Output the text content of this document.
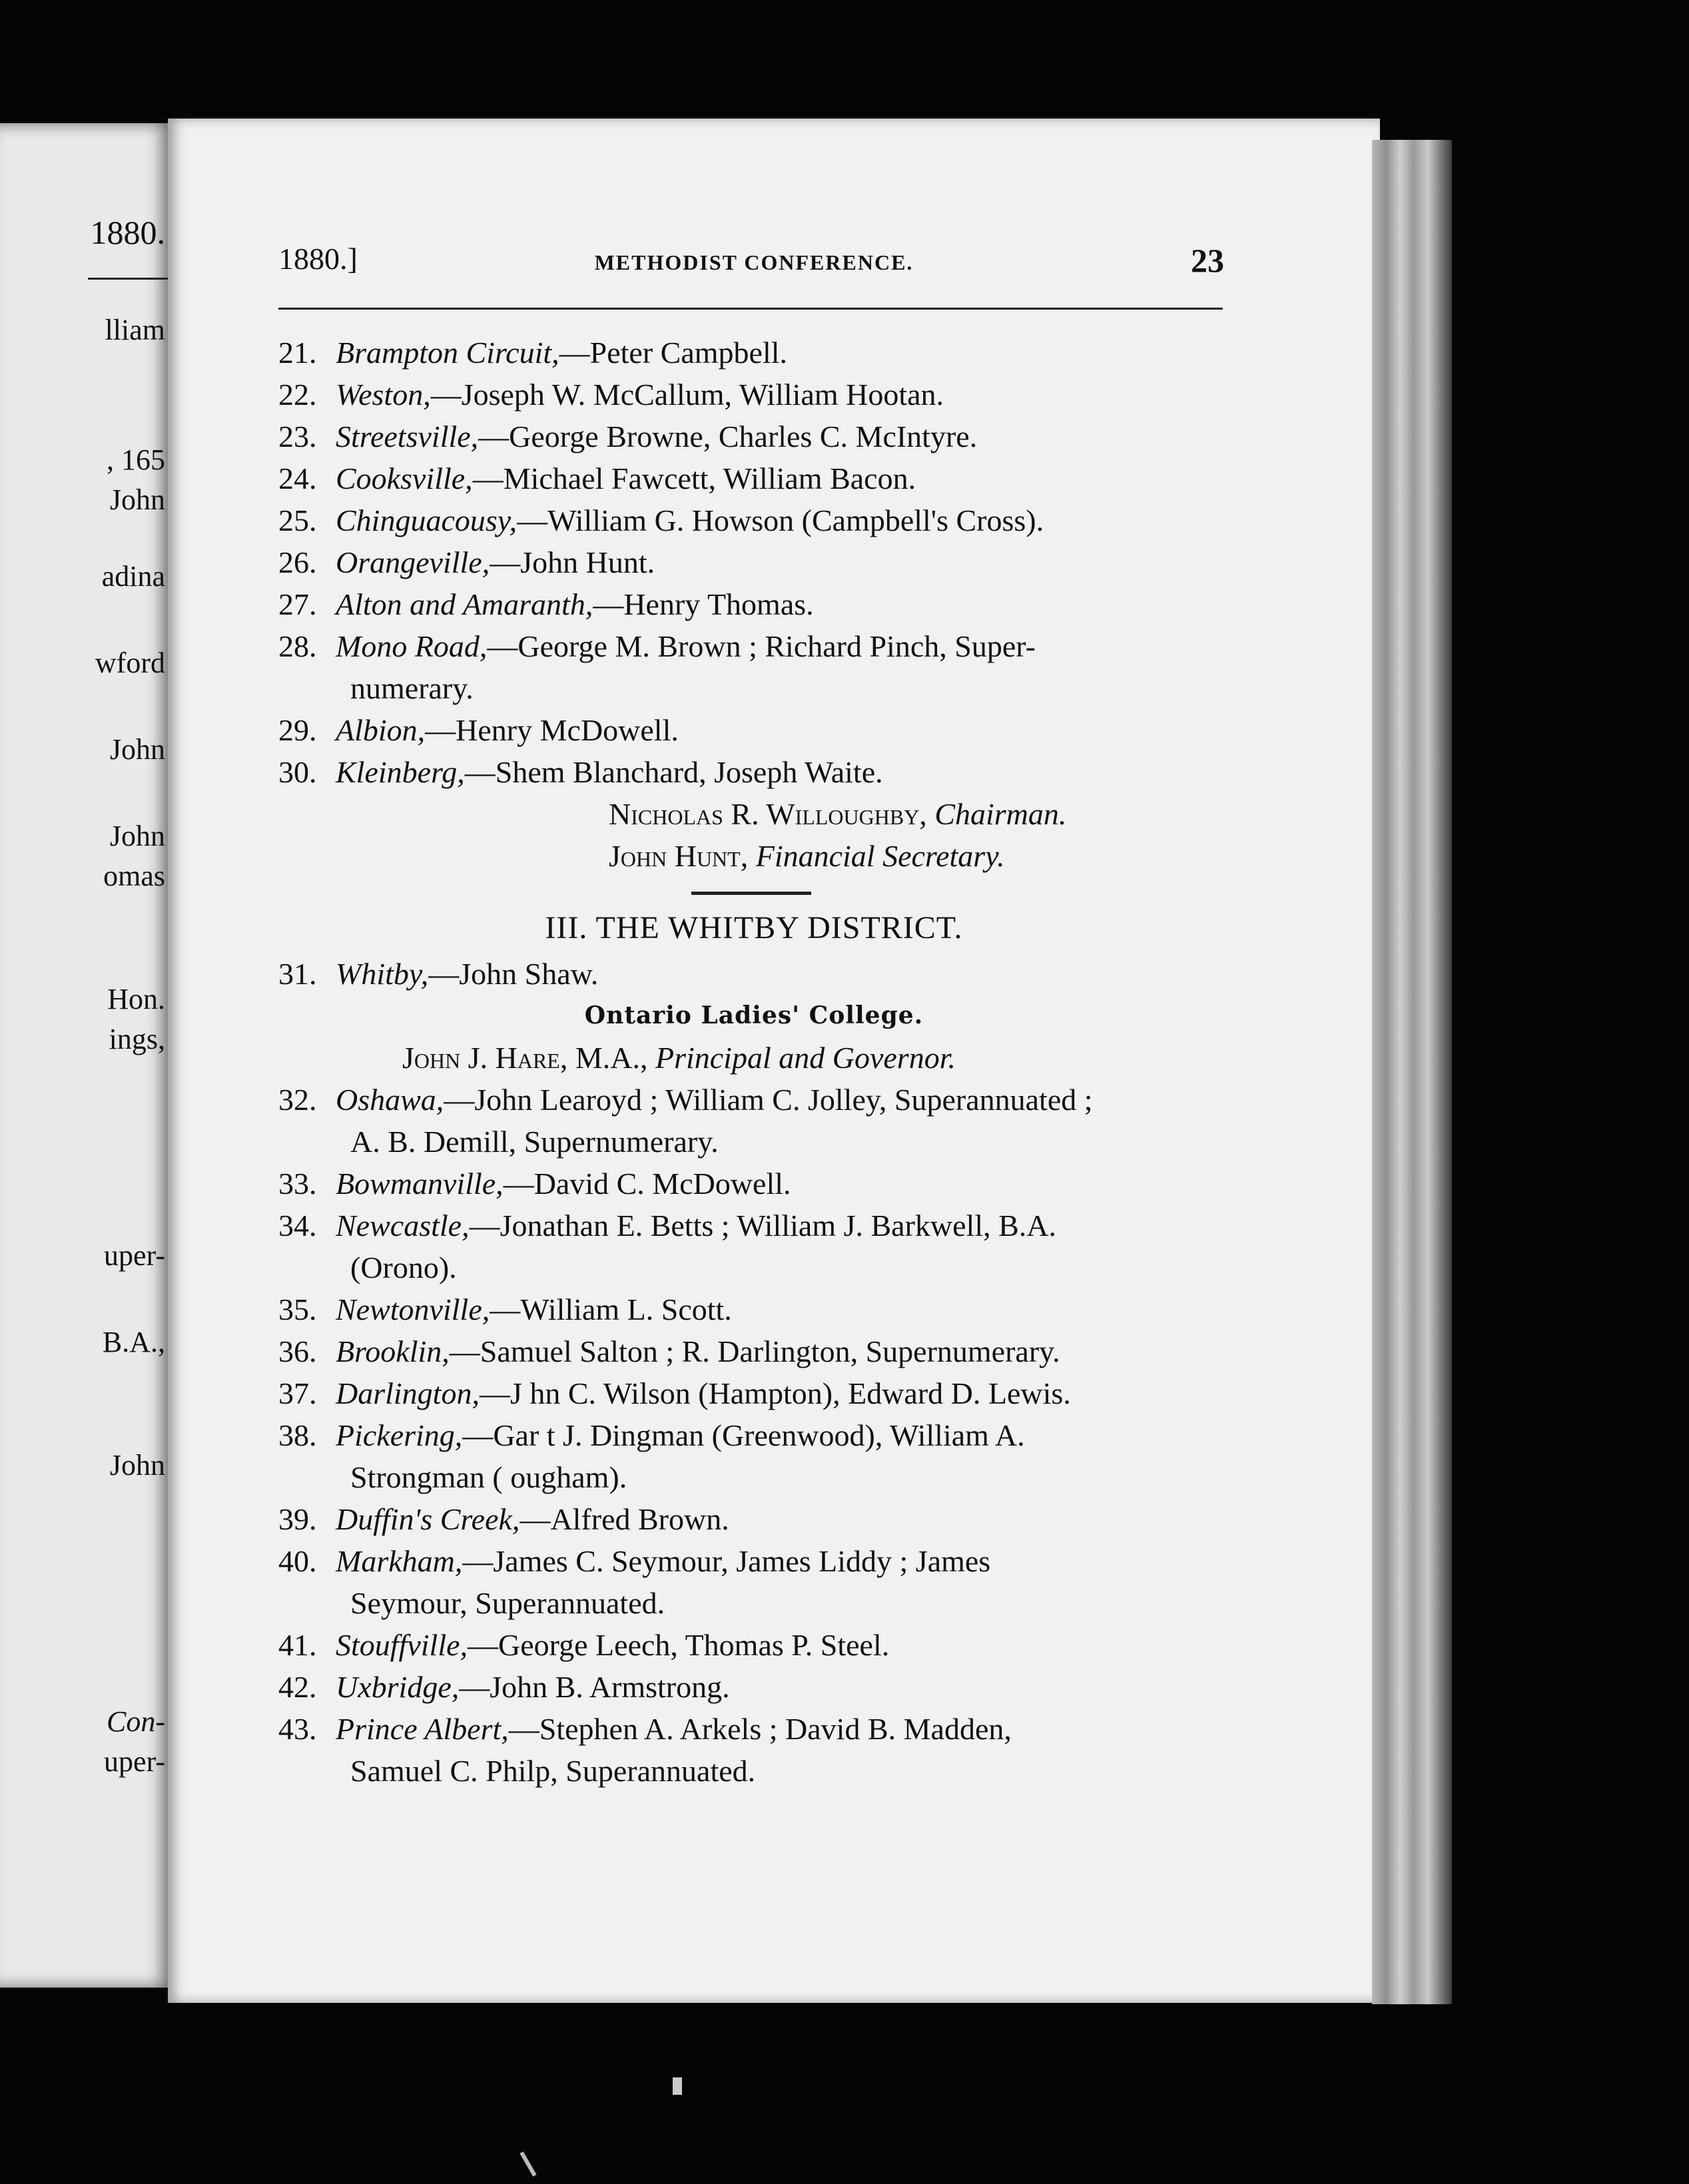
1880.
lliam
, 165
John
adina
wford
John
John
omas
Hon.
ings,
uper-
B.A.,
John
Con-
uper-
1880.]	METHODIST CONFERENCE.	23
21. Brampton Circuit,—Peter Campbell.
22. Weston,—Joseph W. McCallum, William Hootan.
23. Streetsville,—George Browne, Charles C. McIntyre.
24. Cooksville,—Michael Fawcett, William Bacon.
25. Chinguacousy,—William G. Howson (Campbell's Cross).
26. Orangeville,—John Hunt.
27. Alton and Amaranth,—Henry Thomas.
28. Mono Road,—George M. Brown ; Richard Pinch, Super-
numerary.
29. Albion,—Henry McDowell.
30. Kleinberg,—Shem Blanchard, Joseph Waite.
Nicholas R. Willoughby, Chairman.
John Hunt, Financial Secretary.
III. THE WHITBY DISTRICT.
31. Whitby,—John Shaw.
Ontario Ladies' College.
John J. Hare, M.A., Principal and Governor.
32. Oshawa,—John Learoyd ; William C. Jolley, Superannuated ;
A. B. Demill, Supernumerary.
33. Bowmanville,—David C. McDowell.
34. Newcastle,—Jonathan E. Betts ; William J. Barkwell, B.A.
(Orono).
35. Newtonville,—William L. Scott.
36. Brooklin,—Samuel Salton ; R. Darlington, Supernumerary.
37. Darlington,—J hn C. Wilson (Hampton), Edward D. Lewis.
38. Pickering,—Gar t J. Dingman (Greenwood), William A.
Strongman ( ougham).
39. Duffin's Creek,—Alfred Brown.
40. Markham,—James C. Seymour, James Liddy ; James
Seymour, Superannuated.
41. Stouffville,—George Leech, Thomas P. Steel.
42. Uxbridge,—John B. Armstrong.
43. Prince Albert,—Stephen A. Arkels ; David B. Madden,
Samuel C. Philp, Superannuated.
